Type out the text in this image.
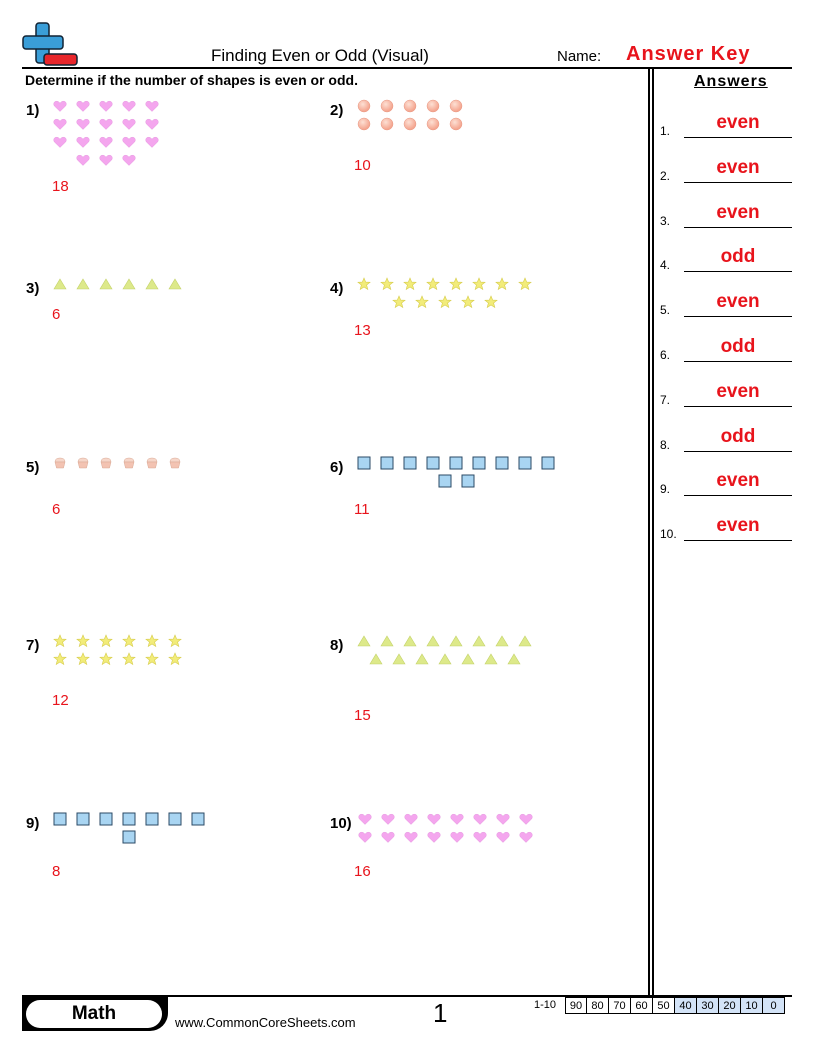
Finding Even or Odd (Visual)	Name: Answer Key
Determine if the number of shapes is even or odd.	Answers
1.	even
2.	even
3.	even
4.	odd
5.	even
6.	odd
7.	even
8.	odd
9.	even
10.	even
1)
18
2)
10
3)
6
4)
13
5)
6
6)
11
7)
12
8)
15
9)
8
10)
16
Math	www.CommonCoreSheets.com	1	1-10	90 80 70 60 50 40 30 20 10	0
